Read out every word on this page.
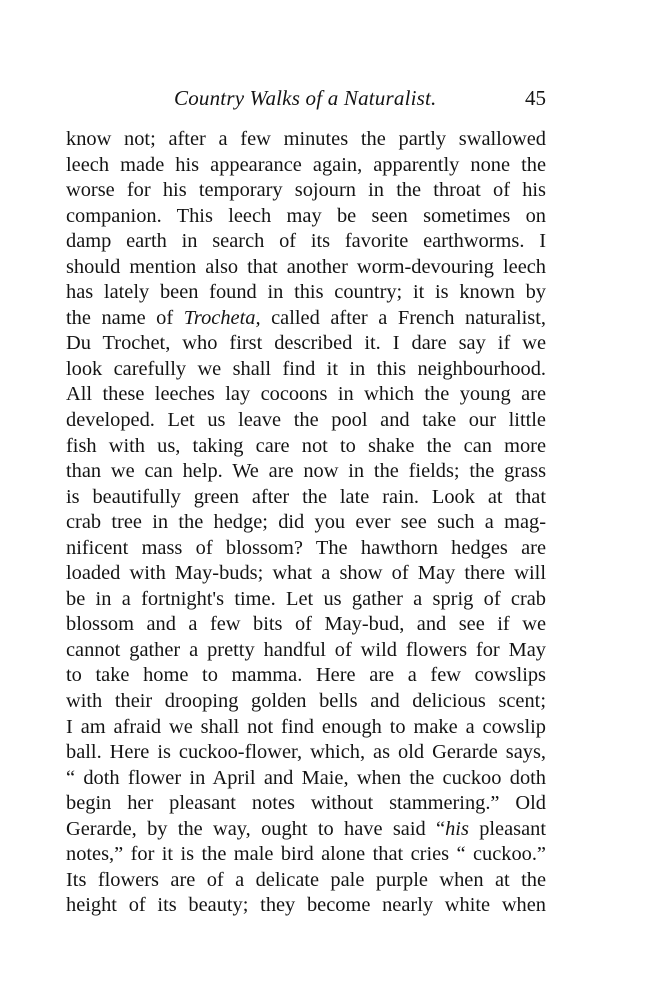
Country Walks of a Naturalist.	45
know not; after a few minutes the partly swallowed
leech made his appearance again, apparently none the
worse for his temporary sojourn in the throat of his
companion. This leech may be seen sometimes on
damp earth in search of its favorite earthworms. I
should mention also that another worm-devouring leech
has lately been found in this country; it is known by
the name of Trocheta, called after a French naturalist,
Du Trochet, who first described it. I dare say if we
look carefully we shall find it in this neighbourhood.
All these leeches lay cocoons in which the young are
developed. Let us leave the pool and take our little
fish with us, taking care not to shake the can more
than we can help. We are now in the fields; the grass
is beautifully green after the late rain. Look at that
crab tree in the hedge; did you ever see such a mag-
nificent mass of blossom? The hawthorn hedges are
loaded with May-buds; what a show of May there will
be in a fortnight's time. Let us gather a sprig of crab
blossom and a few bits of May-bud, and see if we
cannot gather a pretty handful of wild flowers for May
to take home to mamma. Here are a few cowslips
with their drooping golden bells and delicious scent;
I am afraid we shall not find enough to make a cowslip
ball. Here is cuckoo-flower, which, as old Gerarde says,
“ doth flower in April and Maie, when the cuckoo doth
begin her pleasant notes without stammering.” Old
Gerarde, by the way, ought to have said “his pleasant
notes,” for it is the male bird alone that cries “ cuckoo.”
Its flowers are of a delicate pale purple when at the
height of its beauty; they become nearly white when
